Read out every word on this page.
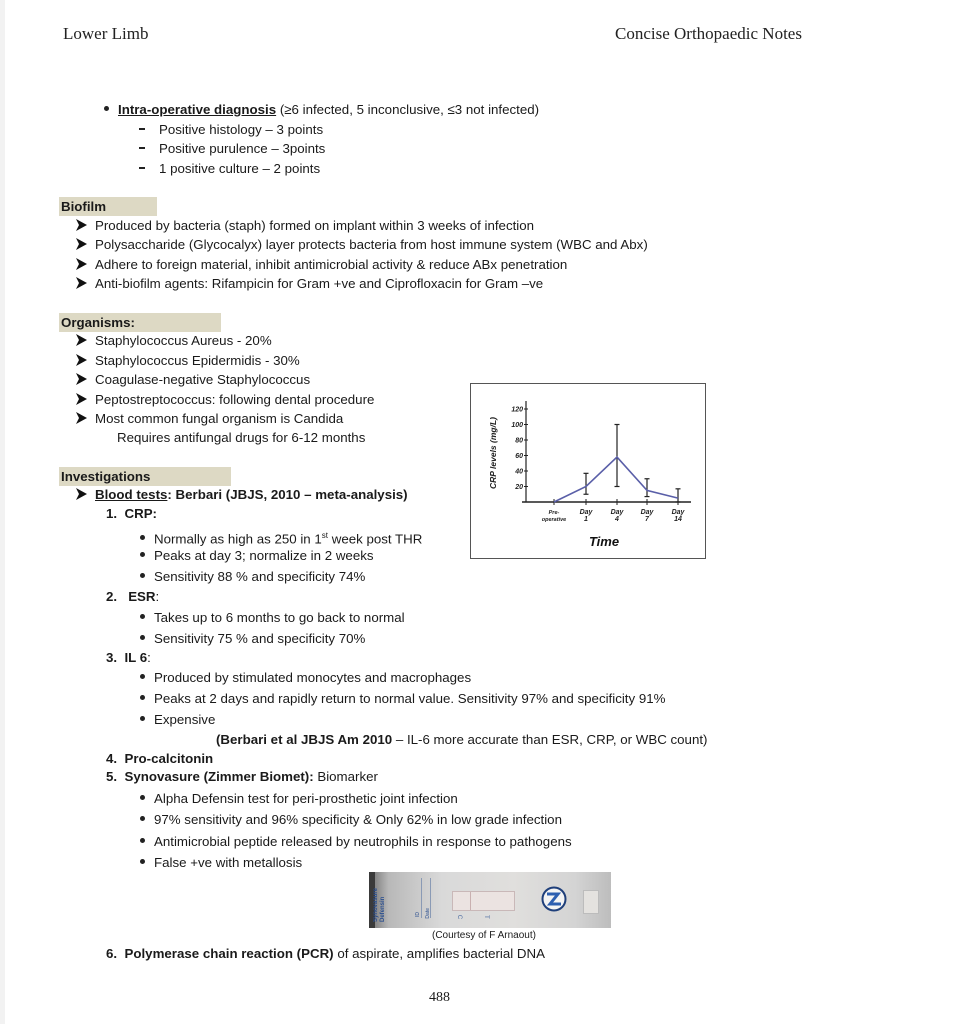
Lower Limb	Concise Orthopaedic Notes
Intra-operative diagnosis (≥6 infected, 5 inconclusive, ≤3 not infected)
Positive histology – 3 points
Positive purulence – 3points
1 positive culture – 2 points
Biofilm
Produced by bacteria (staph) formed on implant within 3 weeks of infection
Polysaccharide (Glycocalyx) layer protects bacteria from host immune system (WBC and Abx)
Adhere to foreign material, inhibit antimicrobial activity & reduce ABx penetration
Anti-biofilm agents: Rifampicin for Gram +ve and Ciprofloxacin for Gram –ve
Organisms:
Staphylococcus Aureus - 20%
Staphylococcus Epidermidis - 30%
Coagulase-negative Staphylococcus
Peptostreptococcus: following dental procedure
Most common fungal organism is Candida
Requires antifungal drugs for 6-12 months
20
40
60
80
100
120
CRP levels (mg/L)
Pre-
operative
Day
1
Day
4
Day
7
Day
14
Time
Investigations
Blood tests: Berbari (JBJS, 2010 – meta-analysis)
1. CRP:
Normally as high as 250 in 1st week post THR
Peaks at day 3; normalize in 2 weeks
Sensitivity 88 % and specificity 74%
2. ESR:
Takes up to 6 months to go back to normal
Sensitivity 75 % and specificity 70%
3. IL 6:
Produced by stimulated monocytes and macrophages
Peaks at 2 days and rapidly return to normal value. Sensitivity 97% and specificity 91%
Expensive
(Berbari et al JBJS Am 2010 – IL-6 more accurate than ESR, CRP, or WBC count)
4. Pro-calcitonin
5. Synovasure (Zimmer Biomet): Biomarker
Alpha Defensin test for peri-prosthetic joint infection
97% sensitivity and 96% specificity & Only 62% in low grade infection
Antimicrobial peptide released by neutrophils in response to pathogens
False +ve with metallosis
Synovasure Defensin	ID Date	C	T
(Courtesy of F Arnaout)
6. Polymerase chain reaction (PCR) of aspirate, amplifies bacterial DNA
488
